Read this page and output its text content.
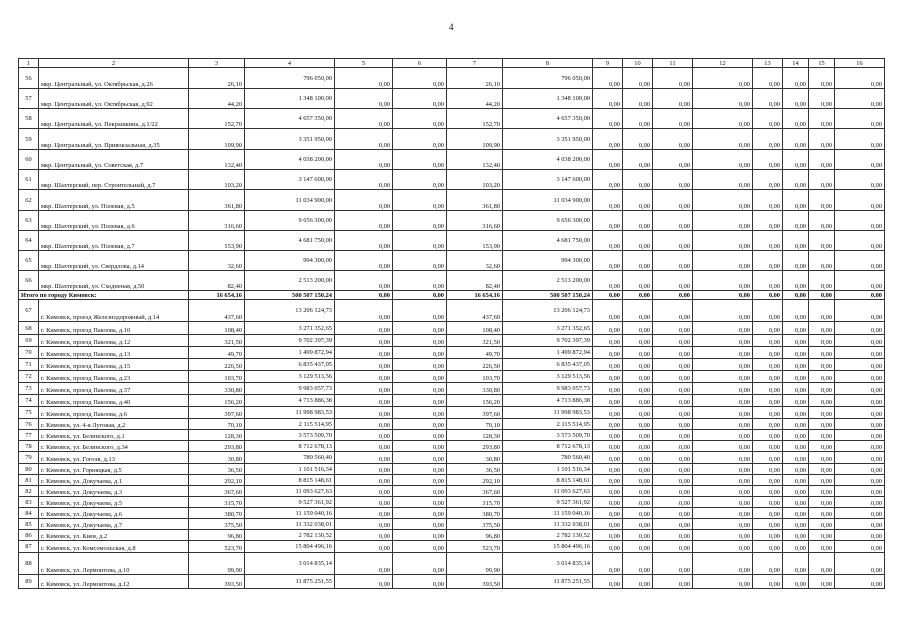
4
1	2	3	4	5	6	7	8	9	10	11	12	13	14	15	16
56	мкр. Центральный, ул. Октябрьская, д.26	26,10	796 050,00	0,00	0,00	26,10	796 050,00	0,00	0,00	0,00	0,00	0,00	0,00	0,00	0,00
57	мкр. Центральный, ул. Октябрьская, д.92	44,20	1 348 100,00	0,00	0,00	44,20	1 348 100,00	0,00	0,00	0,00	0,00	0,00	0,00	0,00	0,00
58	мкр. Центральный, ул. Пекрашкина, д.1/22	152,70	4 657 350,00	0,00	0,00	152,70	4 657 350,00	0,00	0,00	0,00	0,00	0,00	0,00	0,00	0,00
59	мкр. Центральный, ул. Привокзальная, д.35	109,90	3 351 950,00	0,00	0,00	109,90	3 351 950,00	0,00	0,00	0,00	0,00	0,00	0,00	0,00	0,00
60	мкр. Центральный, ул. Советская, д.7	132,40	4 038 200,00	0,00	0,00	132,40	4 038 200,00	0,00	0,00	0,00	0,00	0,00	0,00	0,00	0,00
61	мкр. Шахтерский, пер. Строительный, д.7	103,20	3 147 600,00	0,00	0,00	103,20	3 147 600,00	0,00	0,00	0,00	0,00	0,00	0,00	0,00	0,00
62	мкр. Шахтерский, ул. Полевая, д.5	361,80	11 034 900,00	0,00	0,00	361,80	11 034 900,00	0,00	0,00	0,00	0,00	0,00	0,00	0,00	0,00
63	мкр. Шахтерский, ул. Полевая, д.6	316,60	9 656 300,00	0,00	0,00	316,60	9 656 300,00	0,00	0,00	0,00	0,00	0,00	0,00	0,00	0,00
64	мкр. Шахтерский, ул. Полевая, д.7	153,90	4 681 750,00	0,00	0,00	153,90	4 681 750,00	0,00	0,00	0,00	0,00	0,00	0,00	0,00	0,00
65	мкр. Шахтерский, ул. Свердлова, д.14	32,60	994 300,00	0,00	0,00	32,60	994 300,00	0,00	0,00	0,00	0,00	0,00	0,00	0,00	0,00
66	мкр. Шахтерский, ул. Сходненая, д.50	82,40	2 513 200,00	0,00	0,00	82,40	2 513 200,00	0,00	0,00	0,00	0,00	0,00	0,00	0,00	0,00
Итого по городу Кимовск:		16 654,16	500 507 150,24	0,00	0,00	16 654,16	500 507 150,24	0,00	0,00	0,00	0,00	0,00	0,00	0,00	0,00
67	г. Кимовск, проезд Железнодорожный, д.14	437,60	13 206 124,73	0,00	0,00	437,60	13 206 124,73	0,00	0,00	0,00	0,00	0,00	0,00	0,00	0,00
68	г. Кимовск, проезд Павлова, д.10	108,40	3 271 352,65	0,00	0,00	108,40	3 271 352,65	0,00	0,00	0,00	0,00	0,00	0,00	0,00	0,00
69	г. Кимовск, проезд Павлова, д.12	321,50	9 702 397,39	0,00	0,00	321,50	9 702 397,39	0,00	0,00	0,00	0,00	0,00	0,00	0,00	0,00
70	г. Кимовск, проезд Павлова, д.13	49,70	1 499 872,94	0,00	0,00	49,70	1 499 872,94	0,00	0,00	0,00	0,00	0,00	0,00	0,00	0,00
71	г. Кимовск, проезд Павлова, д.15	226,50	6 835 437,05	0,00	0,00	226,50	6 835 437,05	0,00	0,00	0,00	0,00	0,00	0,00	0,00	0,00
72	г. Кимовск, проезд Павлова, д.23	103,70	3 129 513,56	0,00	0,00	103,70	3 129 513,56	0,00	0,00	0,00	0,00	0,00	0,00	0,00	0,00
73	г. Кимовск, проезд Павлова, д.37	330,80	9 983 057,73	0,00	0,00	330,80	9 983 057,73	0,00	0,00	0,00	0,00	0,00	0,00	0,00	0,00
74	г. Кимовск, проезд Павлова, д.40	156,20	4 713 886,38	0,00	0,00	156,20	4 713 886,38	0,00	0,00	0,00	0,00	0,00	0,00	0,00	0,00
75	г. Кимовск, проезд Павлова, д.6	397,60	11 998 983,53	0,00	0,00	397,60	11 998 983,53	0,00	0,00	0,00	0,00	0,00	0,00	0,00	0,00
76	г. Кимовск, ул. 4-я Луговая, д.2	70,10	2 115 514,95	0,00	0,00	70,10	2 115 514,95	0,00	0,00	0,00	0,00	0,00	0,00	0,00	0,00
77	г. Кимовск, ул. Белинского, д.1	128,30	3 573 509,70	0,00	0,00	128,30	3 573 509,70	0,00	0,00	0,00	0,00	0,00	0,00	0,00	0,00
78	г. Кимовск, ул. Белинского, д.34	293,80	8 712 678,13	0,00	0,00	293,80	8 712 678,13	0,00	0,00	0,00	0,00	0,00	0,00	0,00	0,00
79	г. Кимовск, ул. Гоголя, д.13	30,80	780 560,40	0,00	0,00	30,80	780 560,40	0,00	0,00	0,00	0,00	0,00	0,00	0,00	0,00
80	г. Кимовск, ул. Горняцкая, д.5	36,50	1 101 516,34	0,00	0,00	36,50	1 101 516,34	0,00	0,00	0,00	0,00	0,00	0,00	0,00	0,00
81	г. Кимовск, ул. Докучаева, д.1	292,10	8 815 148,61	0,00	0,00	292,10	8 815 148,61	0,00	0,00	0,00	0,00	0,00	0,00	0,00	0,00
82	г. Кимовск, ул. Докучаева, д.3	367,60	11 093 627,63	0,00	0,00	367,60	11 093 627,63	0,00	0,00	0,00	0,00	0,00	0,00	0,00	0,00
83	г. Кимовск, ул. Докучаева, д.5	315,70	9 527 361,92	0,00	0,00	315,70	9 527 361,92	0,00	0,00	0,00	0,00	0,00	0,00	0,00	0,00
84	г. Кимовск, ул. Докучаева, д.6	380,70	11 159 040,16	0,00	0,00	380,70	11 159 040,16	0,00	0,00	0,00	0,00	0,00	0,00	0,00	0,00
85	г. Кимовск, ул. Докучаева, д.7	375,50	11 332 038,01	0,00	0,00	375,50	11 332 038,01	0,00	0,00	0,00	0,00	0,00	0,00	0,00	0,00
86	г. Кимовск, ул. Киев, д.2	96,80	2 782 130,52	0,00	0,00	96,80	2 782 130,52	0,00	0,00	0,00	0,00	0,00	0,00	0,00	0,00
87	г. Кимовск, ул. Комсомольская, д.8	523,70	15 804 496,16	0,00	0,00	523,70	15 804 496,16	0,00	0,00	0,00	0,00	0,00	0,00	0,00	0,00
88	г. Кимовск, ул. Лермонтова, д.10	99,90	3 014 835,14	0,00	0,00	99,90	3 014 835,14	0,00	0,00	0,00	0,00	0,00	0,00	0,00	0,00
89	г. Кимовск, ул. Лермонтова, д.12	393,50	11 875 251,55	0,00	0,00	393,50	11 875 251,55	0,00	0,00	0,00	0,00	0,00	0,00	0,00	0,00
